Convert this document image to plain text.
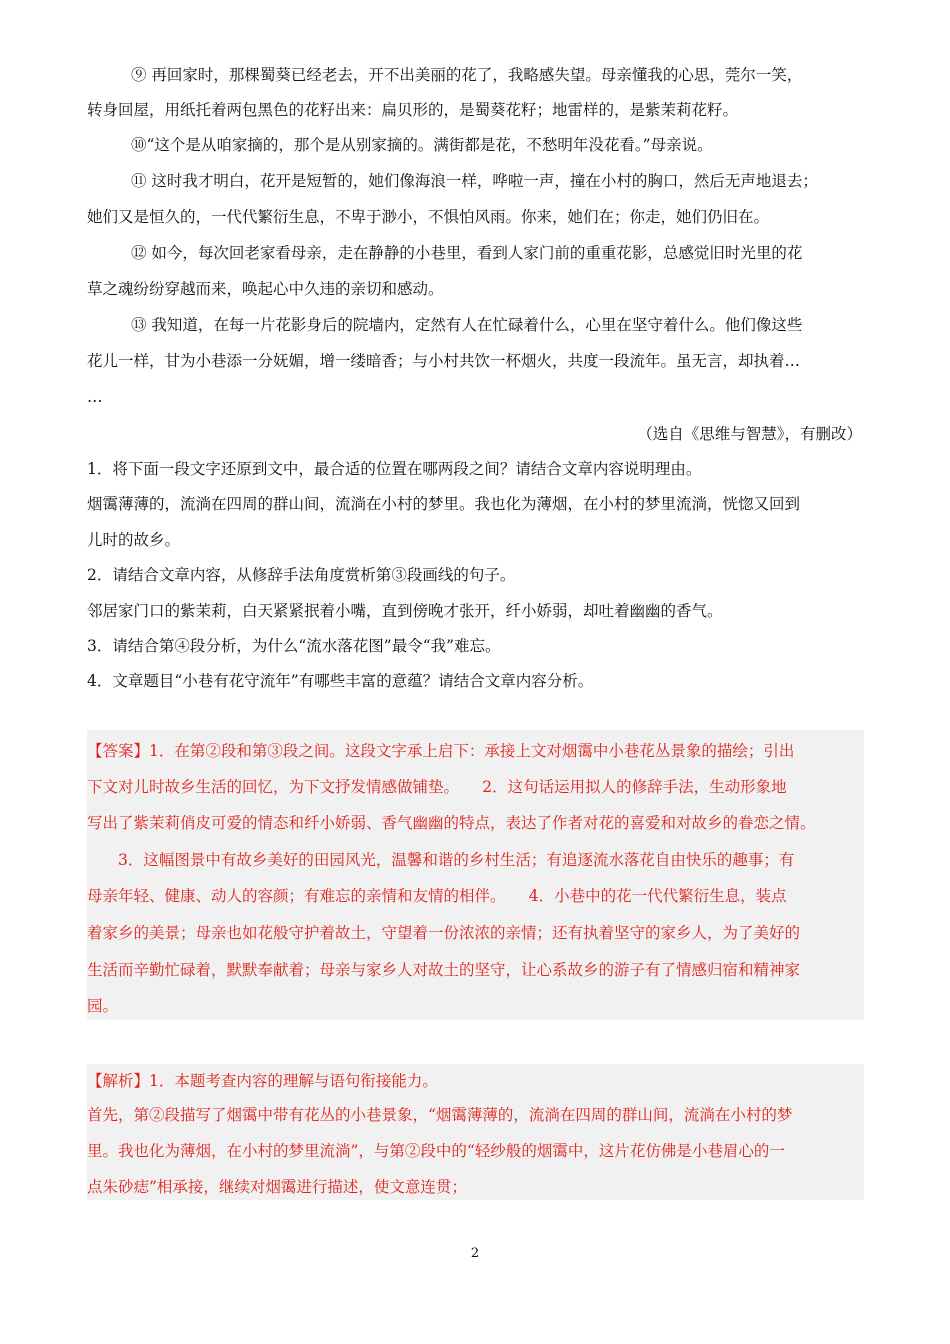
⑨ 再回家时，那棵蜀葵已经老去，开不出美丽的花了，我略感失望。母亲懂我的心思，莞尔一笑，
转身回屋，用纸托着两包黑色的花籽出来：扁贝形的，是蜀葵花籽；地雷样的，是紫茉莉花籽。
⑩“这个是从咱家摘的，那个是从别家摘的。满街都是花，不愁明年没花看。”母亲说。
⑪ 这时我才明白，花开是短暂的，她们像海浪一样，哗啦一声，撞在小村的胸口，然后无声地退去；
她们又是恒久的，一代代繁衍生息，不卑于渺小，不惧怕风雨。你来，她们在；你走，她们仍旧在。
⑫ 如今，每次回老家看母亲，走在静静的小巷里，看到人家门前的重重花影，总感觉旧时光里的花
草之魂纷纷穿越而来，唤起心中久违的亲切和感动。
⑬ 我知道，在每一片花影身后的院墙内，定然有人在忙碌着什么，心里在坚守着什么。他们像这些
花儿一样，甘为小巷添一分妩媚，增一缕暗香；与小村共饮一杯烟火，共度一段流年。虽无言，却执着…
…
（选自《思维与智慧》，有删改）
1．将下面一段文字还原到文中，最合适的位置在哪两段之间？请结合文章内容说明理由。
烟霭薄薄的，流淌在四周的群山间，流淌在小村的梦里。我也化为薄烟，在小村的梦里流淌，恍惚又回到
儿时的故乡。
2．请结合文章内容，从修辞手法角度赏析第③段画线的句子。
邻居家门口的紫茉莉，白天紧紧抿着小嘴，直到傍晚才张开，纤小娇弱，却吐着幽幽的香气。
3．请结合第④段分析，为什么“流水落花图”最令“我”难忘。
4．文章题目“小巷有花守流年”有哪些丰富的意蕴？请结合文章内容分析。
【答案】1．在第②段和第③段之间。这段文字承上启下：承接上文对烟霭中小巷花丛景象的描绘；引出
下文对儿时故乡生活的回忆，为下文抒发情感做铺垫。　　2．这句话运用拟人的修辞手法，生动形象地
写出了紫茉莉俏皮可爱的情态和纤小娇弱、香气幽幽的特点，表达了作者对花的喜爱和对故乡的眷恋之情。
　　3．这幅图景中有故乡美好的田园风光，温馨和谐的乡村生活；有追逐流水落花自由快乐的趣事；有
母亲年轻、健康、动人的容颜；有难忘的亲情和友情的相伴。　　4．小巷中的花一代代繁衍生息，装点
着家乡的美景；母亲也如花般守护着故土，守望着一份浓浓的亲情；还有执着坚守的家乡人，为了美好的
生活而辛勤忙碌着，默默奉献着；母亲与家乡人对故土的坚守，让心系故乡的游子有了情感归宿和精神家
园。
【解析】1．本题考查内容的理解与语句衔接能力。
首先，第②段描写了烟霭中带有花丛的小巷景象，“烟霭薄薄的，流淌在四周的群山间，流淌在小村的梦
里。我也化为薄烟，在小村的梦里流淌”，与第②段中的“轻纱般的烟霭中，这片花仿佛是小巷眉心的一
点朱砂痣”相承接，继续对烟霭进行描述，使文意连贯；
2
